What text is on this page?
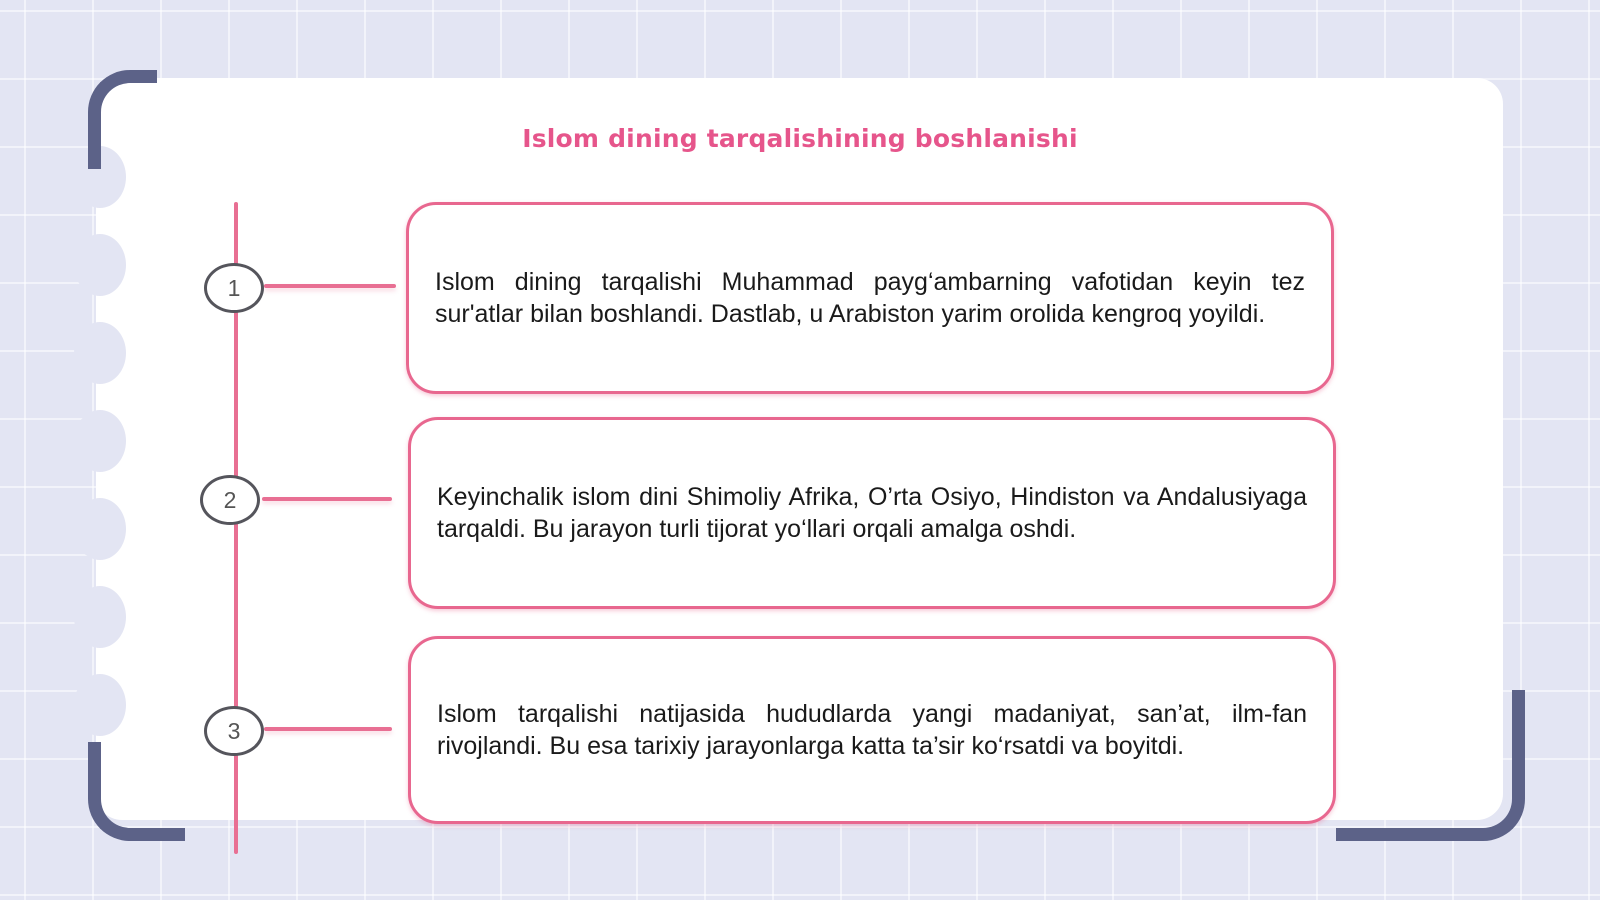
Islom dining tarqalishining boshlanishi
1
2
3

Islom dining tarqalishi Muhammad payg‘ambarning vafotidan keyin tez sur'atlar bilan boshlandi. Dastlab, u Arabiston yarim orolida kengroq yoyildi.

Keyinchalik islom dini Shimoliy Afrika, O’rta Osiyo, Hindiston va Andalusiyaga tarqaldi. Bu jarayon turli tijorat yo‘llari orqali amalga oshdi.

Islom tarqalishi natijasida hududlarda yangi madaniyat, san’at, ilm-fan rivojlandi. Bu esa tarixiy jarayonlarga katta ta’sir ko‘rsatdi va boyitdi.
